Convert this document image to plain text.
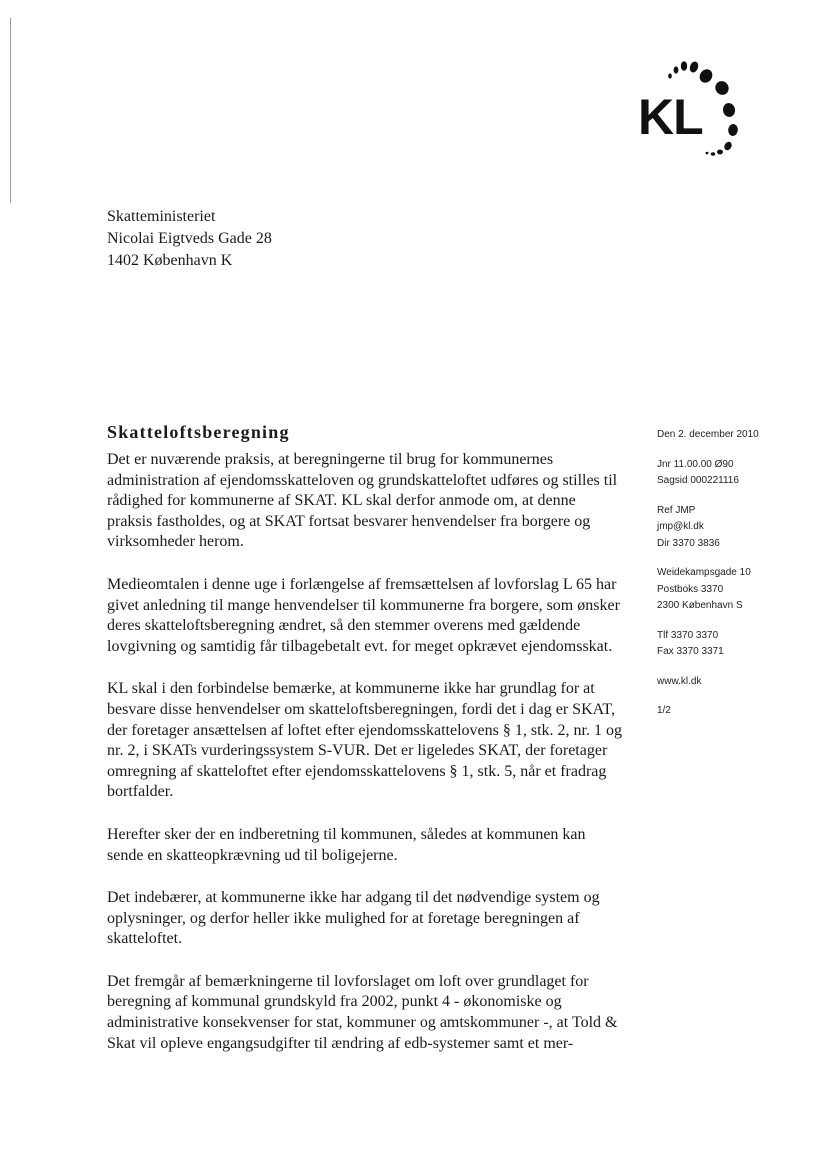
KL
Skatteministeriet
Nicolai Eigtveds Gade 28
1402 København K
Skatteloftsberegning

Det er nuværende praksis, at beregningerne til brug for kommunernes administration af ejendomsskatteloven og grundskatteloftet udføres og stilles til rådighed for kommunerne af SKAT. KL skal derfor anmode om, at denne praksis fastholdes, og at SKAT fortsat besvarer henvendelser fra borgere og virksomheder herom.

Medieomtalen i denne uge i forlængelse af fremsættelsen af lovforslag L 65 har givet anledning til mange henvendelser til kommunerne fra borgere, som ønsker deres skatteloftsberegning ændret, så den stemmer overens med gældende lovgivning og samtidig får tilbagebetalt evt. for meget opkrævet ejendomsskat.

KL skal i den forbindelse bemærke, at kommunerne ikke har grundlag for at besvare disse henvendelser om skatteloftsberegningen, fordi det i dag er SKAT, der foretager ansættelsen af loftet efter ejendomsskattelovens § 1, stk. 2, nr. 1 og nr. 2, i SKATs vurderingssystem S-VUR. Det er ligeledes SKAT, der foretager omregning af skatteloftet efter ejendomsskattelovens § 1, stk. 5, når et fradrag bortfalder.

Herefter sker der en indberetning til kommunen, således at kommunen kan sende en skatteopkrævning ud til boligejerne.

Det indebærer, at kommunerne ikke har adgang til det nødvendige system og oplysninger, og derfor heller ikke mulighed for at foretage beregningen af skatteloftet.

Det fremgår af bemærkningerne til lovforslaget om loft over grundlaget for beregning af kommunal grundskyld fra 2002, punkt 4 - økonomiske og administrative konsekvenser for stat, kommuner og amtskommuner -, at Told & Skat vil opleve engangsudgifter til ændring af edb-systemer samt et mer-

Den 2. december 2010
Jnr 11.00.00 Ø90
Sagsid 000221116
Ref JMP
jmp@kl.dk
Dir 3370 3836
Weidekampsgade 10
Postboks 3370
2300 København S
Tlf 3370 3370
Fax 3370 3371
www.kl.dk
1/2
